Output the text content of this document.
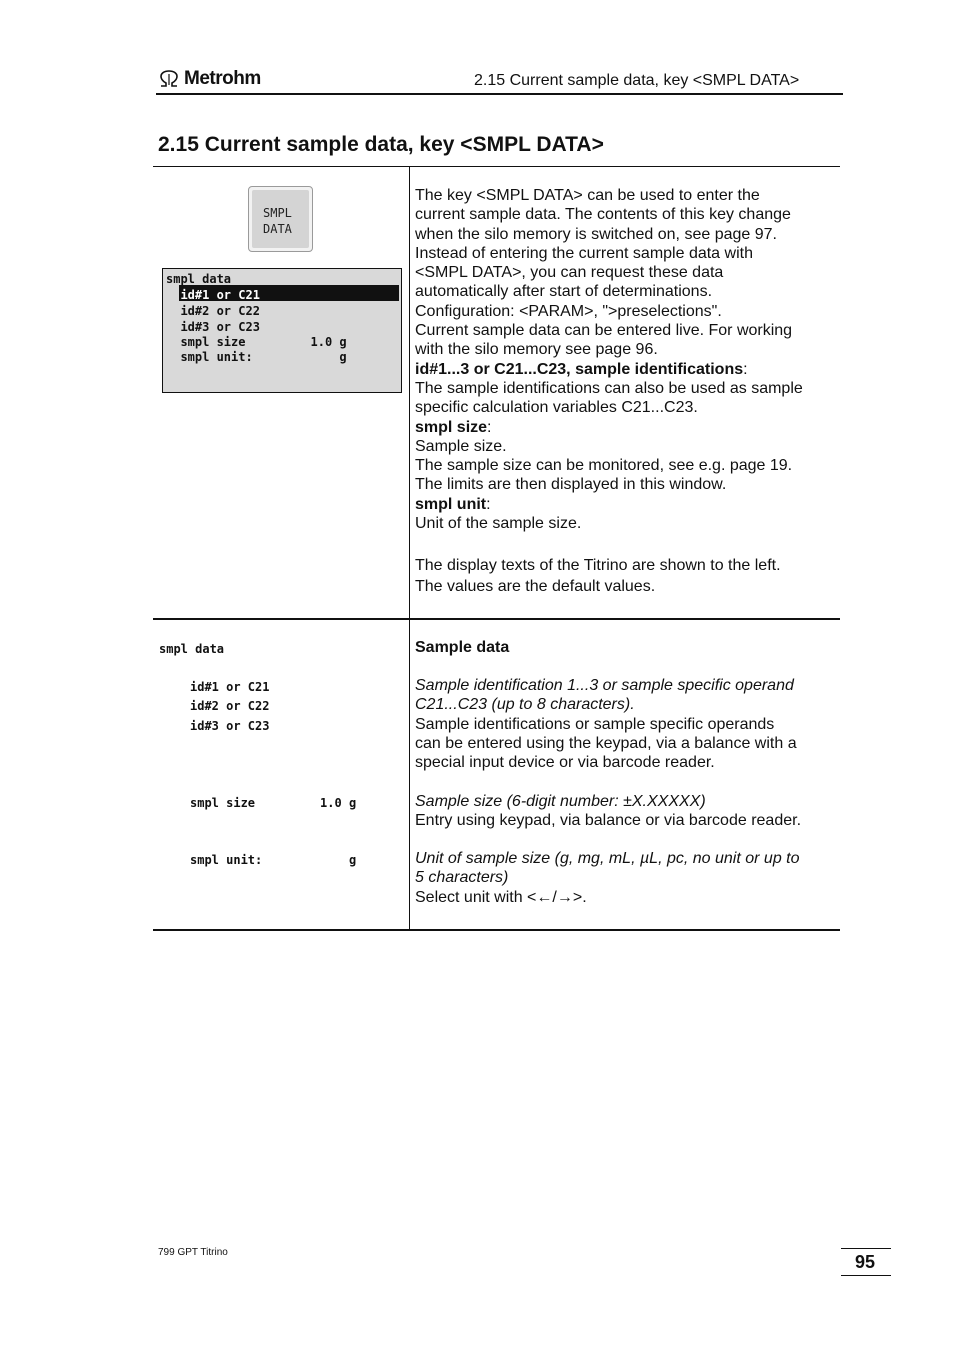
Metrohm	2.15 Current sample data, key <SMPL DATA>
2.15 Current sample data, key <SMPL DATA>
SMPL
DATA
smpl data
id#1 or C21
id#2 or C22
id#3 or C23
smpl size         1.0 g
smpl unit:            g
The key <SMPL DATA> can be used to enter the
current sample data. The contents of this key change
when the silo memory is switched on, see page 97.
Instead of entering the current sample data with
<SMPL DATA>, you can request these data
automatically after start of determinations.
Configuration: <PARAM>, ">preselections".
Current sample data can be entered live. For working
with the silo memory see page 96.
id#1...3 or C21...C23, sample identifications:
The sample identifications can also be used as sample
specific calculation variables C21...C23.
smpl size:
Sample size.
The sample size can be monitored, see e.g. page 19.
The limits are then displayed in this window.
smpl unit:
Unit of the sample size.
The display texts of the Titrino are shown to the left.
The values are the default values.
smpl data
id#1 or C21
id#2 or C22
id#3 or C23
smpl size         1.0 g
smpl unit:            g
Sample data
Sample identification 1...3 or sample specific operand
C21...C23 (up to 8 characters).
Sample identifications or sample specific operands
can be entered using the keypad, via a balance with a
special input device or via barcode reader.
Sample size (6-digit number: ±X.XXXXX)
Entry using keypad, via balance or via barcode reader.
Unit of sample size (g, mg, mL, µL, pc, no unit or up to
5 characters)
Select unit with <←/→>.
799 GPT Titrino	95
